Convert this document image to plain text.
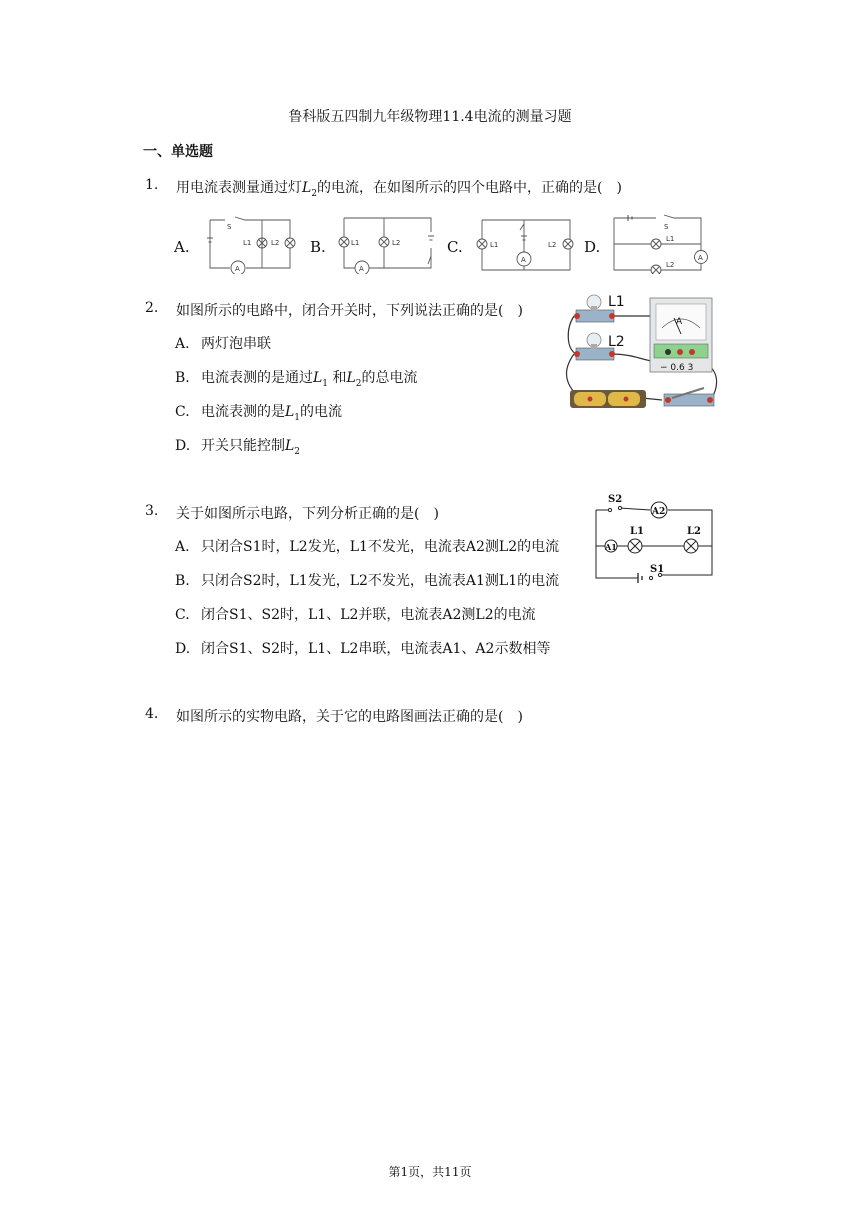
鲁科版五四制九年级物理11.4电流的测量习题
一、单选题
1. 用电流表测量通过灯$L_2$的电流，在如图所示的四个电路中，正确的是(　)
A.	B.	C.	D.
S
L1	L2
A
L1	L2
A
L1	L2
A
S
L1
L2
A
2. 如图所示的电路中，闭合开关时，下列说法正确的是(　)
A. 两灯泡串联
B. 电流表测的是通过$L_1$ 和$L_2$的总电流
C. 电流表测的是$L_1$的电流
D. 开关只能控制$L_2$
L1
L2
A
− 0.6 3
3. 关于如图所示电路，下列分析正确的是(　)
A. 只闭合S1时，L2发光，L1不发光，电流表A2测L2的电流
B. 只闭合S2时，L1发光，L2不发光，电流表A1测L1的电流
C. 闭合S1、S2时，L1、L2并联，电流表A2测L2的电流
D. 闭合S1、S2时，L1、L2串联，电流表A1、A2示数相等
S2
A2
L1	L2
A1
S1
4. 如图所示的实物电路，关于它的电路图画法正确的是(　)
第1页，共11页
